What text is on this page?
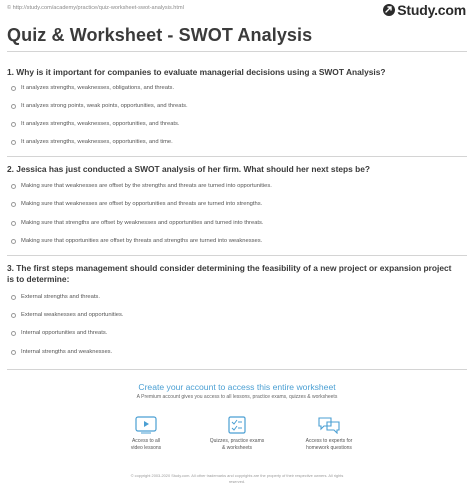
© http://study.com/academy/practice/quiz-worksheet-swot-analysis.html	Study.com
Quiz & Worksheet - SWOT Analysis
1. Why is it important for companies to evaluate managerial decisions using a SWOT Analysis?
It analyzes strengths, weaknesses, obligations, and threats.
It analyzes strong points, weak points, opportunities, and threats.
It analyzes strengths, weaknesses, opportunities, and threats.
It analyzes strengths, weaknesses, opportunities, and time.
2. Jessica has just conducted a SWOT analysis of her firm. What should her next steps be?
Making sure that weaknesses are offset by the strengths and threats are turned into opportunities.
Making sure that weaknesses are offset by opportunities and threats are turned into strengths.
Making sure that strengths are offset by weaknesses and opportunities and turned into threats.
Making sure that opportunities are offset by threats and strengths are turned into weaknesses.
3. The first steps management should consider determining the feasibility of a new project or expansion project
is to determine:
External strengths and threats.
External weaknesses and opportunities.
Internal opportunities and threats.
Internal strengths and weaknesses.
Create your account to access this entire worksheet
A Premium account gives you access to all lessons, practice exams, quizzes & worksheets
Access to all
video lessons
Quizzes, practice exams
& worksheets
Access to experts for
homework questions
© copyright 2003-2020 Study.com. All other trademarks and copyrights are the property of their respective owners. All rights
reserved.
